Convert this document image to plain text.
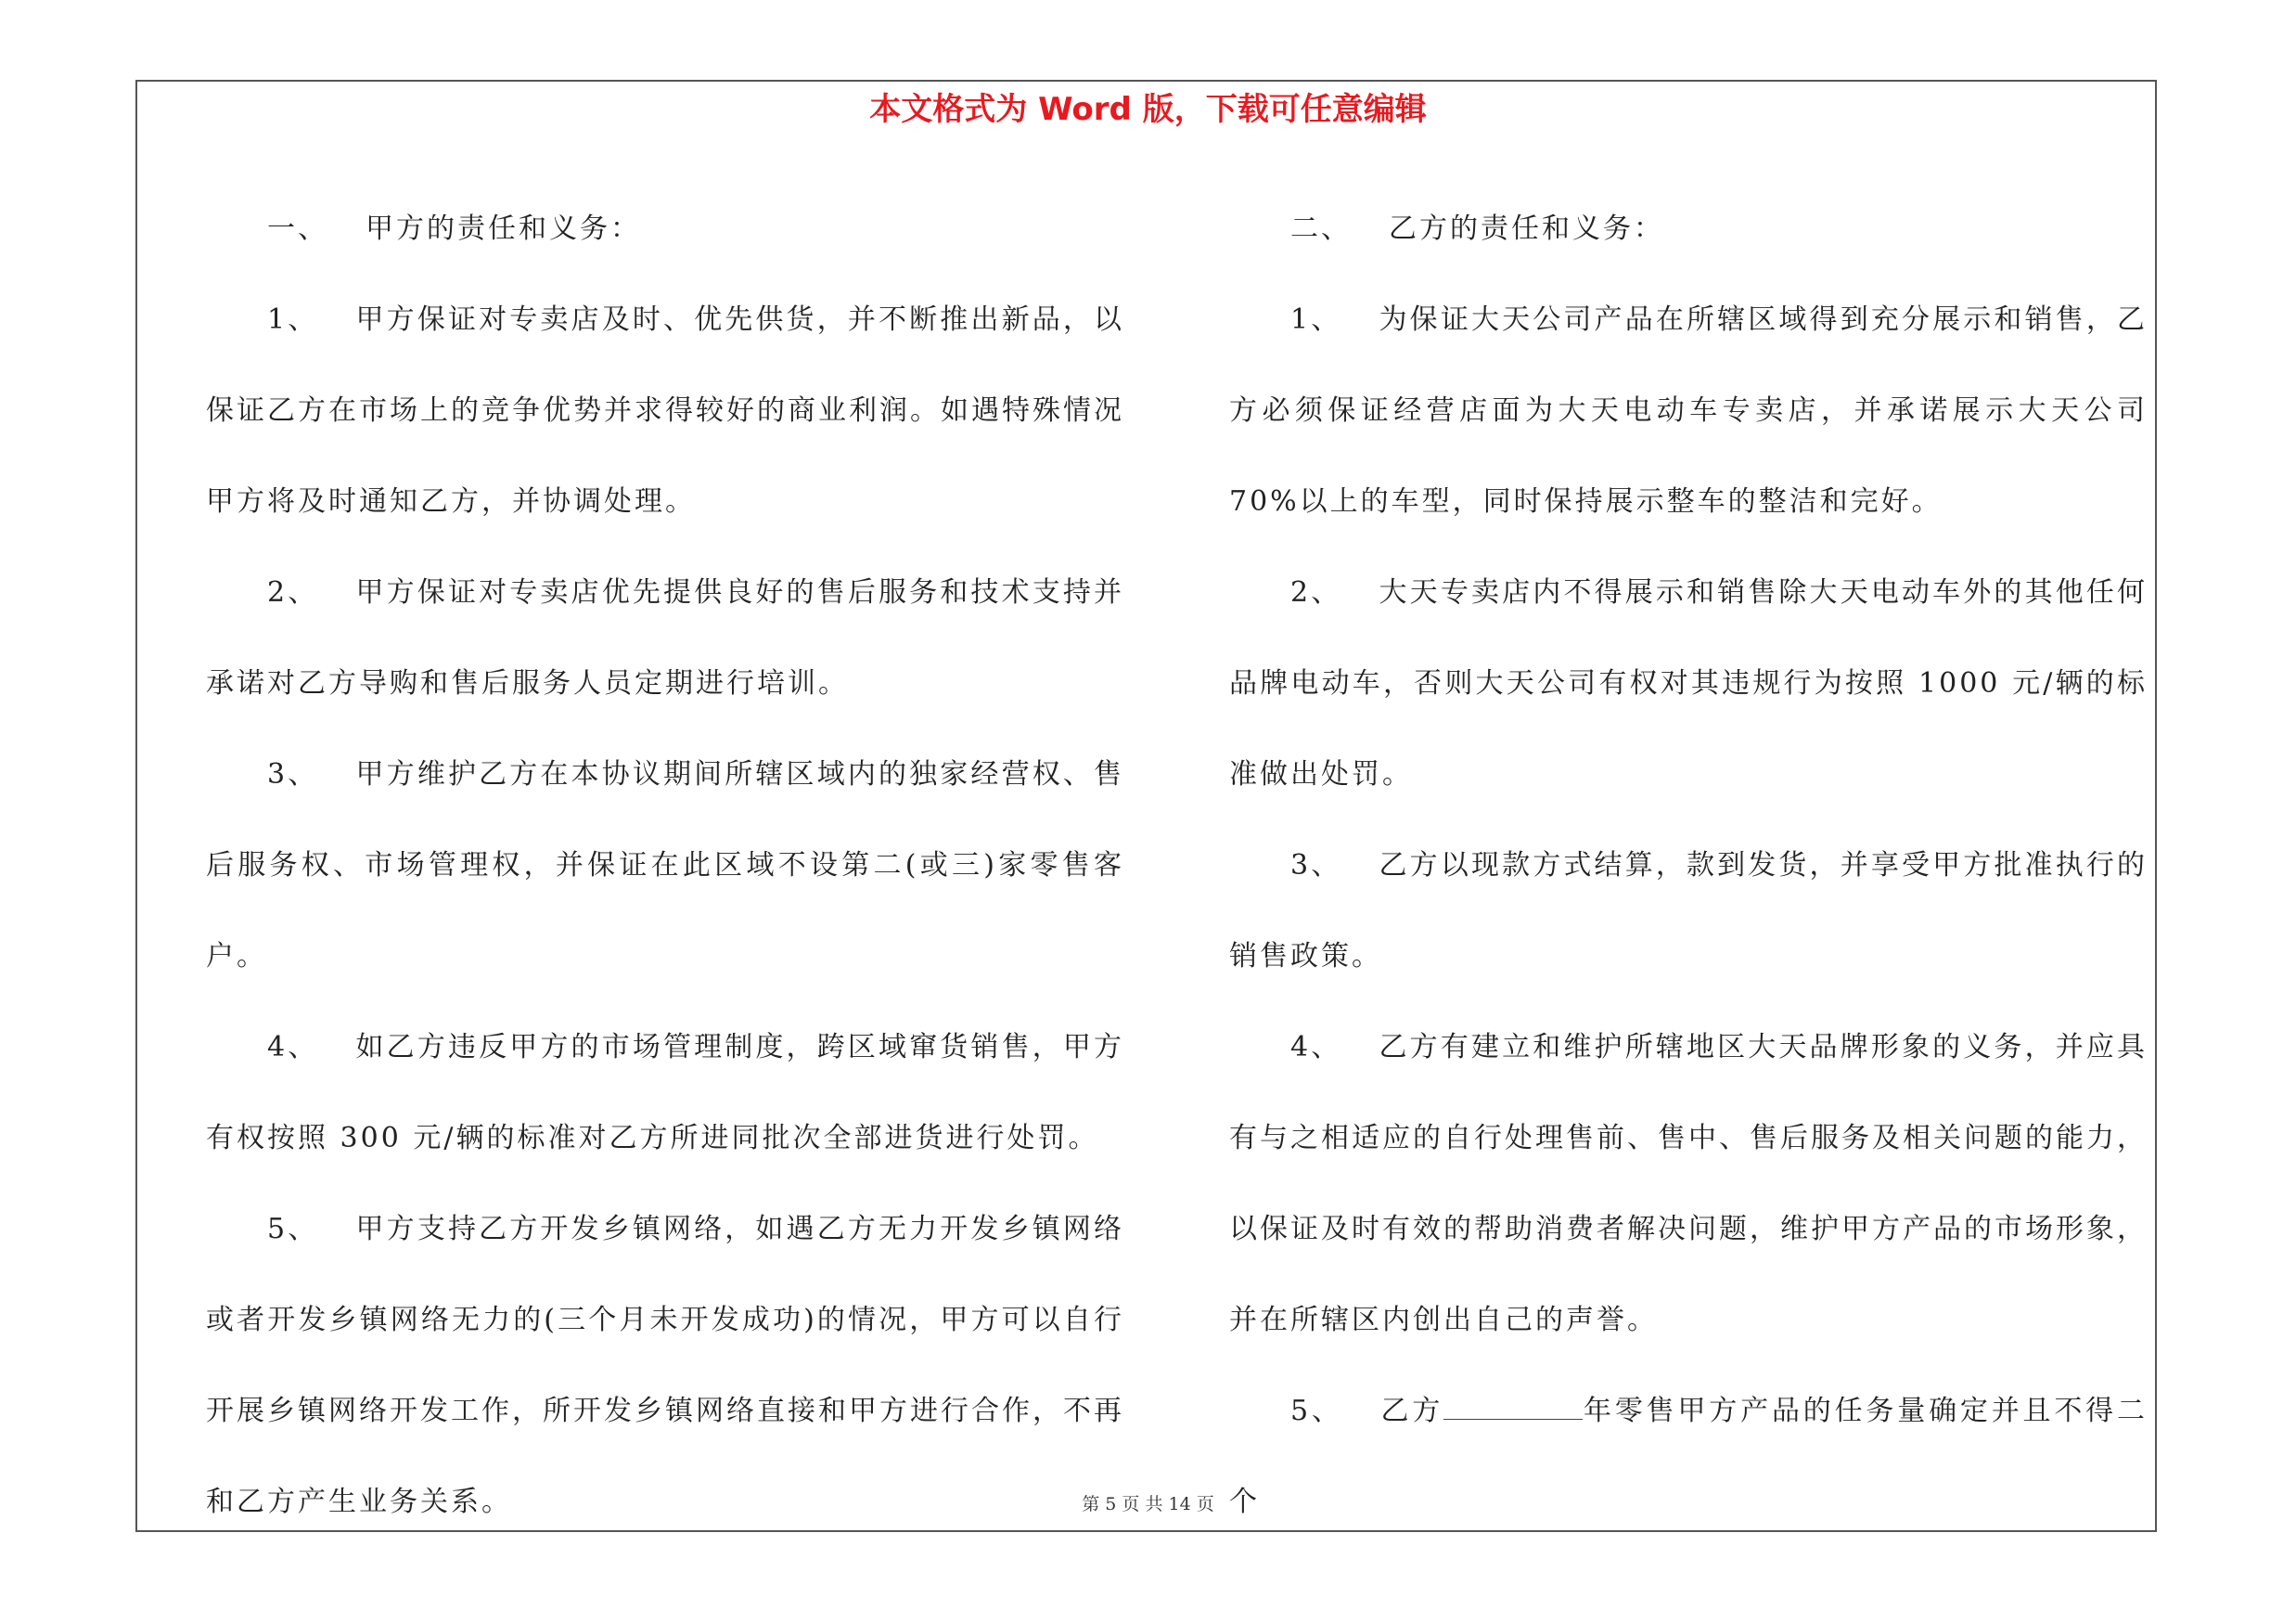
本文格式为 Word 版，下载可任意编辑

一、 甲方的责任和义务：

1、 甲方保证对专卖店及时、优先供货，并不断推出新品，以保证乙方在市场上的竞争优势并求得较好的商业利润。如遇特殊情况甲方将及时通知乙方，并协调处理。

2、 甲方保证对专卖店优先提供良好的售后服务和技术支持并承诺对乙方导购和售后服务人员定期进行培训。

3、 甲方维护乙方在本协议期间所辖区域内的独家经营权、售后服务权、市场管理权，并保证在此区域不设第二(或三)家零售客户。

4、 如乙方违反甲方的市场管理制度，跨区域窜货销售，甲方有权按照 300 元/辆的标准对乙方所进同批次全部进货进行处罚。

5、 甲方支持乙方开发乡镇网络，如遇乙方无力开发乡镇网络或者开发乡镇网络无力的(三个月未开发成功)的情况，甲方可以自行开展乡镇网络开发工作，所开发乡镇网络直接和甲方进行合作，不再和乙方产生业务关系。

二、 乙方的责任和义务：

1、 为保证大天公司产品在所辖区域得到充分展示和销售，乙方必须保证经营店面为大天电动车专卖店，并承诺展示大天公司 70%以上的车型，同时保持展示整车的整洁和完好。

2、 大天专卖店内不得展示和销售除大天电动车外的其他任何品牌电动车，否则大天公司有权对其违规行为按照 1000 元/辆的标准做出处罚。

3、 乙方以现款方式结算，款到发货，并享受甲方批准执行的销售政策。

4、 乙方有建立和维护所辖地区大天品牌形象的义务，并应具有与之相适应的自行处理售前、售中、售后服务及相关问题的能力，以保证及时有效的帮助消费者解决问题，维护甲方产品的市场形象，并在所辖区内创出自己的声誉。

5、 乙方	年零售甲方产品的任务量确定并且不得二个

第 5 页 共 14 页
